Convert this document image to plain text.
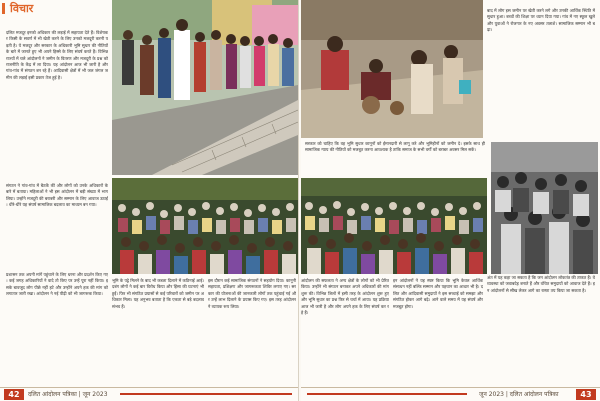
विचार
दलित मजदूर इनको अधिकार की लड़ाई में सहायता देते हैं। विशेषकर किसी के सवर्ण में भी खेती करने के लिए उनको मजदूरी करनी पड़ती है। ये मजदूर और सरकार के अधिकारी भूमि सुधार की नीतियों के बारे में जानते हुए भी अपने हिस्से के लिए संघर्ष करते हैं। विभिन्न राज्यों में चले आंदोलनों ने जमीन के वितरण और मजदूरी के प्रश्न को राजनीति के केंद्र में ला दिया। यह आंदोलन आज भी जारी है और गांव-गांव में संगठन बन रहे हैं। आदिवासी क्षेत्रों में भी जल जंगल जमीन की लड़ाई इसी प्रकार तेज हुई है।
संगठन ने गांव-गांव में बैठकें कीं और लोगों को उनके अधिकारों के बारे में बताया। महिलाओं ने भी इस आंदोलन में बड़ी संख्या में भाग लिया। उन्होंने मजदूरी की बराबरी और सम्मान के लिए आवाज उठाई। धीरे-धीरे यह संघर्ष सामाजिक बदलाव का माध्यम बन गया।
प्रशासन तक अपनी मांगें पहुंचाने के लिए धरना और प्रदर्शन किए गए। कई जगह अधिकारियों ने वादे तो किए पर उन्हें पूरा नहीं किया। इसके बावजूद लोग पीछे नहीं हटे और उन्होंने अपने हक की मांग को लगातार जारी रखा। आंदोलन ने नई पीढ़ी को भी जागरूक किया।
भूमि के पट्टे मिलने के बाद भी कब्जा दिलाने में कठिनाई आई। दबंग लोगों ने कई बार विरोध किया और हिंसा की घटनाएं भी हुईं। फिर भी संगठित प्रयासों से कई परिवारों को जमीन पर अधिकार मिला। यह अनुभव बताता है कि एकता से बड़े बदलाव संभव हैं।
इस दौरान कई सामाजिक संगठनों ने सहयोग दिया। कानूनी सहायता, प्रशिक्षण और जागरूकता शिविर लगाए गए। सरकार की योजनाओं की जानकारी लोगों तक पहुंचाई गई और उन्हें लाभ दिलाने के प्रयास किए गए। इस तरह आंदोलन ने व्यापक रूप लिया।
42	दलित आंदोलन पत्रिका | जून 2023
बाद में लोग इस जमीन पर खेती करने लगे और उनकी आर्थिक स्थिति में सुधार हुआ। बच्चों की शिक्षा पर ध्यान दिया गया। गांव में नए स्कूल खुले और युवाओं ने रोजगार के नए अवसर तलाशे। सामाजिक सम्मान भी बढ़ा।
अंत में यह कहा जा सकता है कि जन आंदोलन लोकतंत्र की ताकत हैं। वे व्यवस्था को जवाबदेह बनाते हैं और वंचित समुदायों को आवाज देते हैं। इन आंदोलनों से सीख लेकर आगे का रास्ता तय किया जा सकता है।
आंदोलन की सफलता ने अन्य क्षेत्रों के लोगों को भी प्रेरित किया। उन्होंने भी संगठन बनाकर अपने अधिकारों की मांग शुरू की। विभिन्न जिलों में इसी तरह के आंदोलन शुरू हुए और भूमि सुधार का प्रश्न फिर से चर्चा में आया। यह प्रक्रिया आज भी जारी है और लोग अपने हक के लिए संघर्ष कर रहे हैं।
इन आंदोलनों ने यह स्पष्ट किया कि भूमि केवल आर्थिक संसाधन नहीं बल्कि सम्मान और पहचान का आधार भी है। दलित और आदिवासी समुदायों ने इस सच्चाई को समझा और संगठित होकर आगे बढ़े। आने वाले समय में यह संघर्ष और मजबूत होगा।
सरकार को चाहिए कि वह भूमि सुधार कानूनों को ईमानदारी से लागू करे और भूमिहीनों को जमीन दे। इसके साथ ही सामाजिक न्याय की नीतियों को मजबूत करना आवश्यक है ताकि समाज के सभी वर्गों को बराबर अवसर मिल सकें।
जून 2023 | दलित आंदोलन पत्रिका	43
